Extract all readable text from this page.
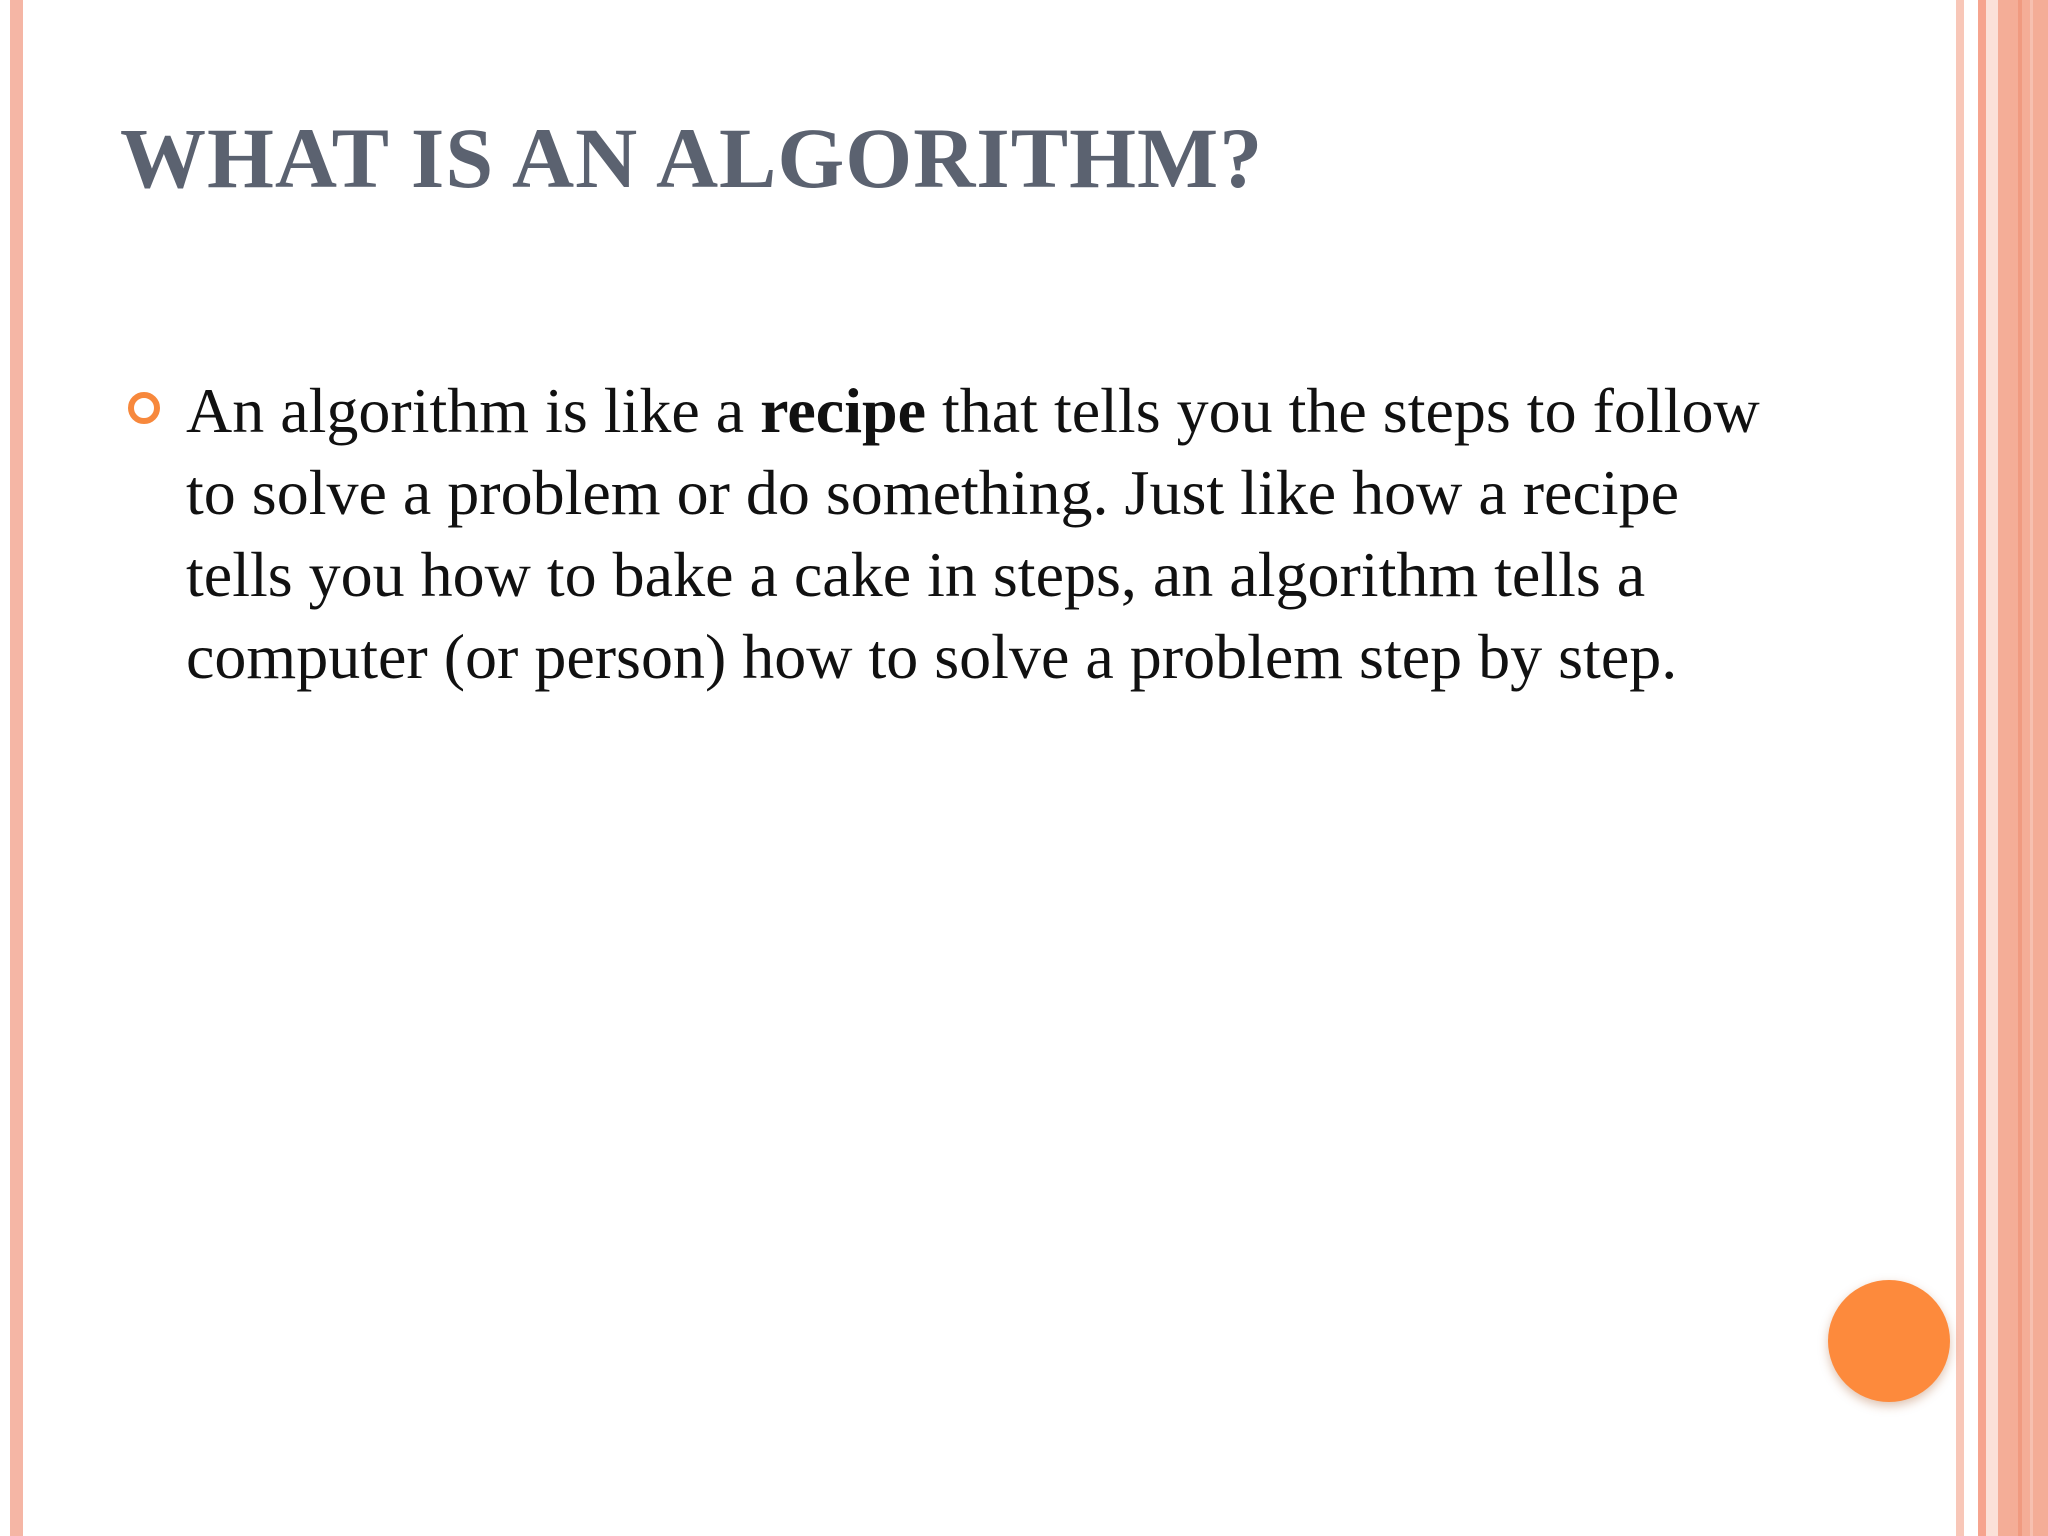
WHAT IS AN ALGORITHM?

An algorithm is like a recipe that tells you the steps to follow to solve a problem or do something. Just like how a recipe tells you how to bake a cake in steps, an algorithm tells a computer (or person) how to solve a problem step by step.
